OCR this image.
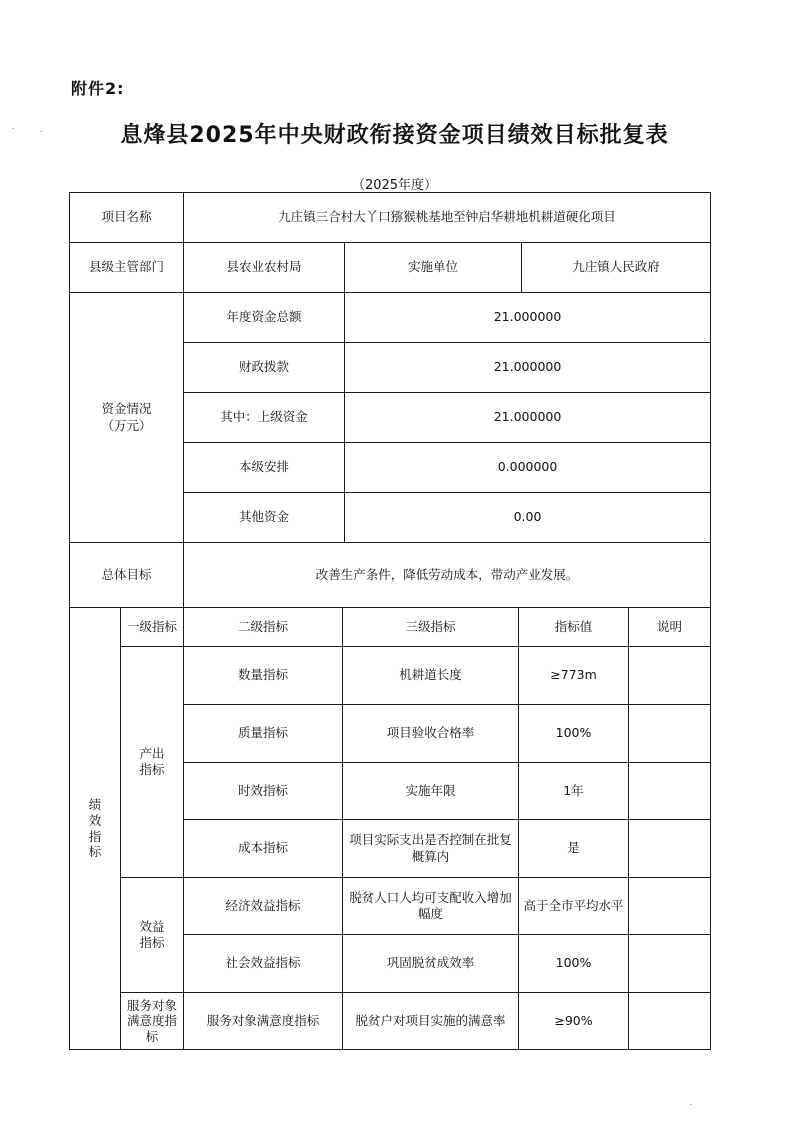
附件2:
息烽县2025年中央财政衔接资金项目绩效目标批复表
（2025年度）
项目名称	九庄镇三合村大丫口猕猴桃基地至钟启华耕地机耕道硬化项目		
县级主管部门	县农业农村局	实施单位	九庄镇人民政府

资金情况
（万元）	年度资金总额	21.000000	
	财政拨款	21.000000	
	其中：上级资金	21.000000	
	本级安排	0.000000	
	其他资金	0.00	
总体目标	改善生产条件，降低劳动成本，带动产业发展。		
绩效指标	一级指标	二级指标	三级指标	指标值	说明

	产出指标	数量指标	机耕道长度	≥773m	
		质量指标	项目验收合格率	100%	
		时效指标	实施年限	1年	
		成本指标	项目实际支出是否控制在批复概算内	是	

	效益指标	经济效益指标	脱贫人口人均可支配收入增加幅度	高于全市平均水平	
		社会效益指标	巩固脱贫成效率	100%	

	服务对象满意度指标	服务对象满意度指标	脱贫户对项目实施的满意率	≥90%	
